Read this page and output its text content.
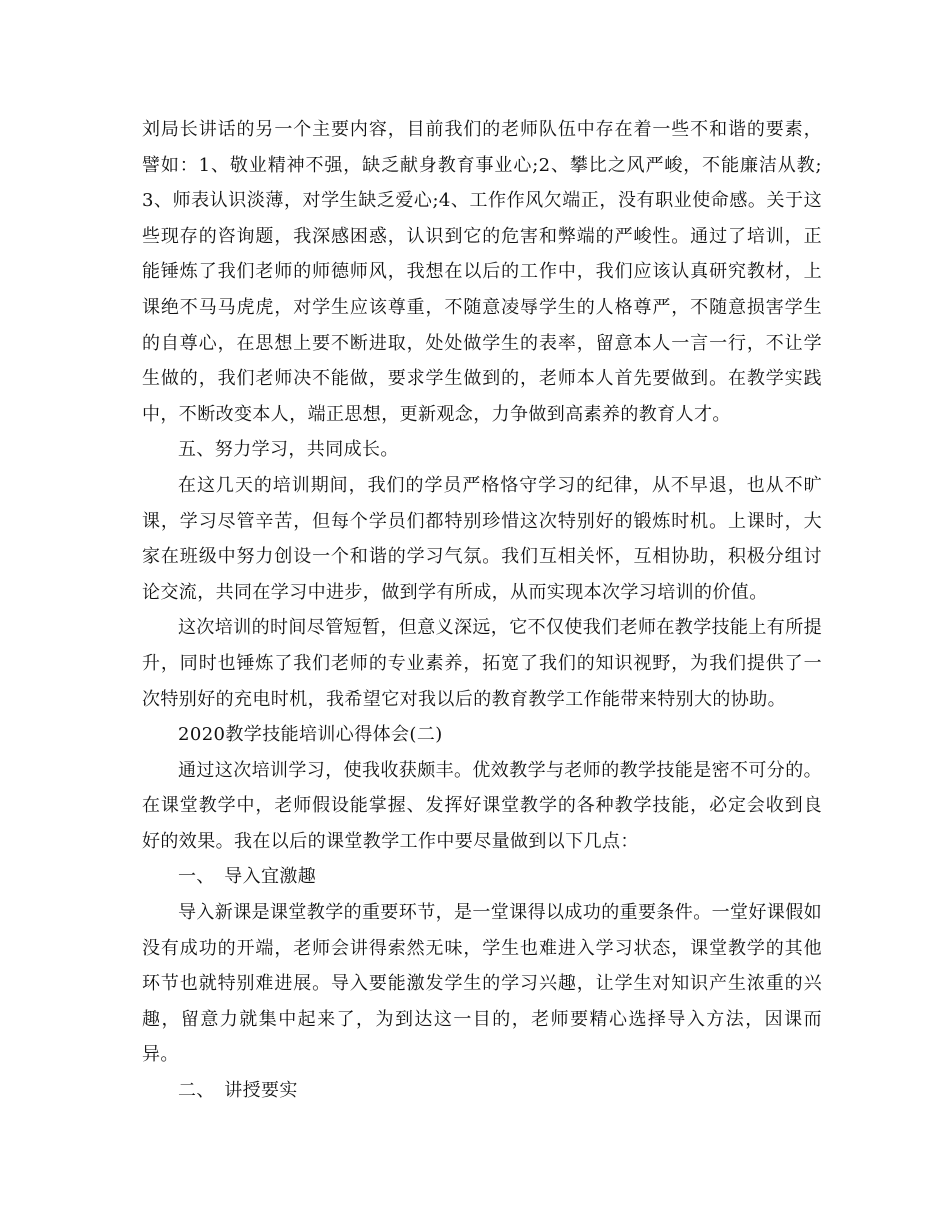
刘局长讲话的另一个主要内容，目前我们的老师队伍中存在着一些不和谐的要素，譬如：1、敬业精神不强，缺乏献身教育事业心;2、攀比之风严峻，不能廉洁从教;3、师表认识淡薄，对学生缺乏爱心;4、工作作风欠端正，没有职业使命感。关于这些现存的咨询题，我深感困惑，认识到它的危害和弊端的严峻性。通过了培训，正能锤炼了我们老师的师德师风，我想在以后的工作中，我们应该认真研究教材，上课绝不马马虎虎，对学生应该尊重，不随意凌辱学生的人格尊严，不随意损害学生的自尊心，在思想上要不断进取，处处做学生的表率，留意本人一言一行，不让学生做的，我们老师决不能做，要求学生做到的，老师本人首先要做到。在教学实践中，不断改变本人，端正思想，更新观念，力争做到高素养的教育人才。

五、努力学习，共同成长。

在这几天的培训期间，我们的学员严格恪守学习的纪律，从不早退，也从不旷课，学习尽管辛苦，但每个学员们都特别珍惜这次特别好的锻炼时机。上课时，大家在班级中努力创设一个和谐的学习气氛。我们互相关怀，互相协助，积极分组讨论交流，共同在学习中进步，做到学有所成，从而实现本次学习培训的价值。

这次培训的时间尽管短暂，但意义深远，它不仅使我们老师在教学技能上有所提升，同时也锤炼了我们老师的专业素养，拓宽了我们的知识视野，为我们提供了一次特别好的充电时机，我希望它对我以后的教育教学工作能带来特别大的协助。

2020教学技能培训心得体会(二)

通过这次培训学习，使我收获颇丰。优效教学与老师的教学技能是密不可分的。在课堂教学中，老师假设能掌握、发挥好课堂教学的各种教学技能，必定会收到良好的效果。我在以后的课堂教学工作中要尽量做到以下几点：

一、　导入宜激趣

导入新课是课堂教学的重要环节，是一堂课得以成功的重要条件。一堂好课假如没有成功的开端，老师会讲得索然无味，学生也难进入学习状态，课堂教学的其他环节也就特别难进展。导入要能激发学生的学习兴趣，让学生对知识产生浓重的兴趣，留意力就集中起来了，为到达这一目的，老师要精心选择导入方法，因课而异。

二、　讲授要实
